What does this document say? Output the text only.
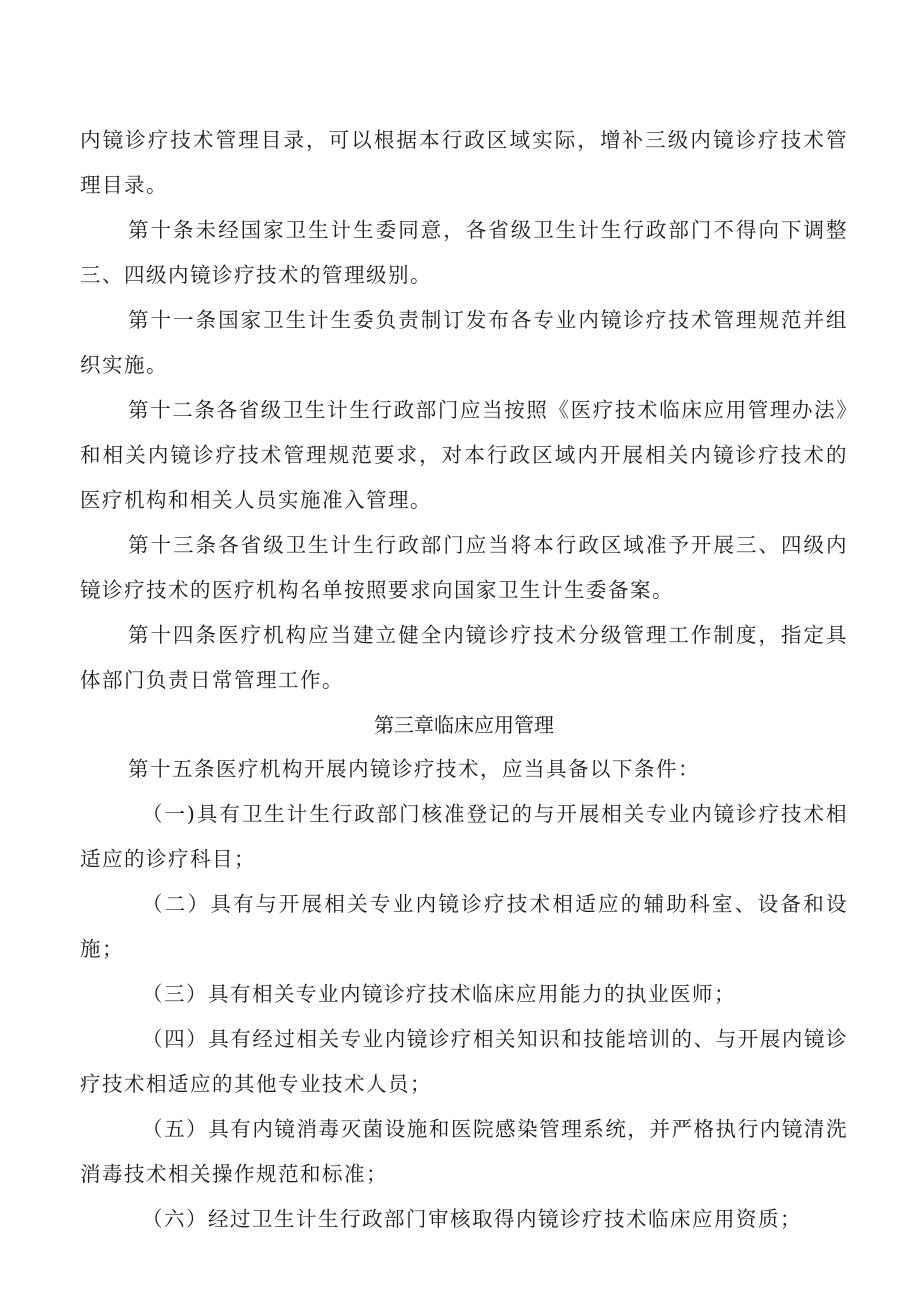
内镜诊疗技术管理目录，可以根据本行政区域实际，增补三级内镜诊疗技术管理目录。

第十条未经国家卫生计生委同意，各省级卫生计生行政部门不得向下调整三、四级内镜诊疗技术的管理级别。

第十一条国家卫生计生委负责制订发布各专业内镜诊疗技术管理规范并组织实施。

第十二条各省级卫生计生行政部门应当按照《医疗技术临床应用管理办法》和相关内镜诊疗技术管理规范要求，对本行政区域内开展相关内镜诊疗技术的医疗机构和相关人员实施准入管理。

第十三条各省级卫生计生行政部门应当将本行政区域准予开展三、四级内镜诊疗技术的医疗机构名单按照要求向国家卫生计生委备案。

第十四条医疗机构应当建立健全内镜诊疗技术分级管理工作制度，指定具体部门负责日常管理工作。

第三章临床应用管理

第十五条医疗机构开展内镜诊疗技术，应当具备以下条件：

（一)具有卫生计生行政部门核准登记的与开展相关专业内镜诊疗技术相适应的诊疗科目；

（二）具有与开展相关专业内镜诊疗技术相适应的辅助科室、设备和设施；

（三）具有相关专业内镜诊疗技术临床应用能力的执业医师；

（四）具有经过相关专业内镜诊疗相关知识和技能培训的、与开展内镜诊疗技术相适应的其他专业技术人员；

（五）具有内镜消毒灭菌设施和医院感染管理系统，并严格执行内镜清洗消毒技术相关操作规范和标准；

（六）经过卫生计生行政部门审核取得内镜诊疗技术临床应用资质；
